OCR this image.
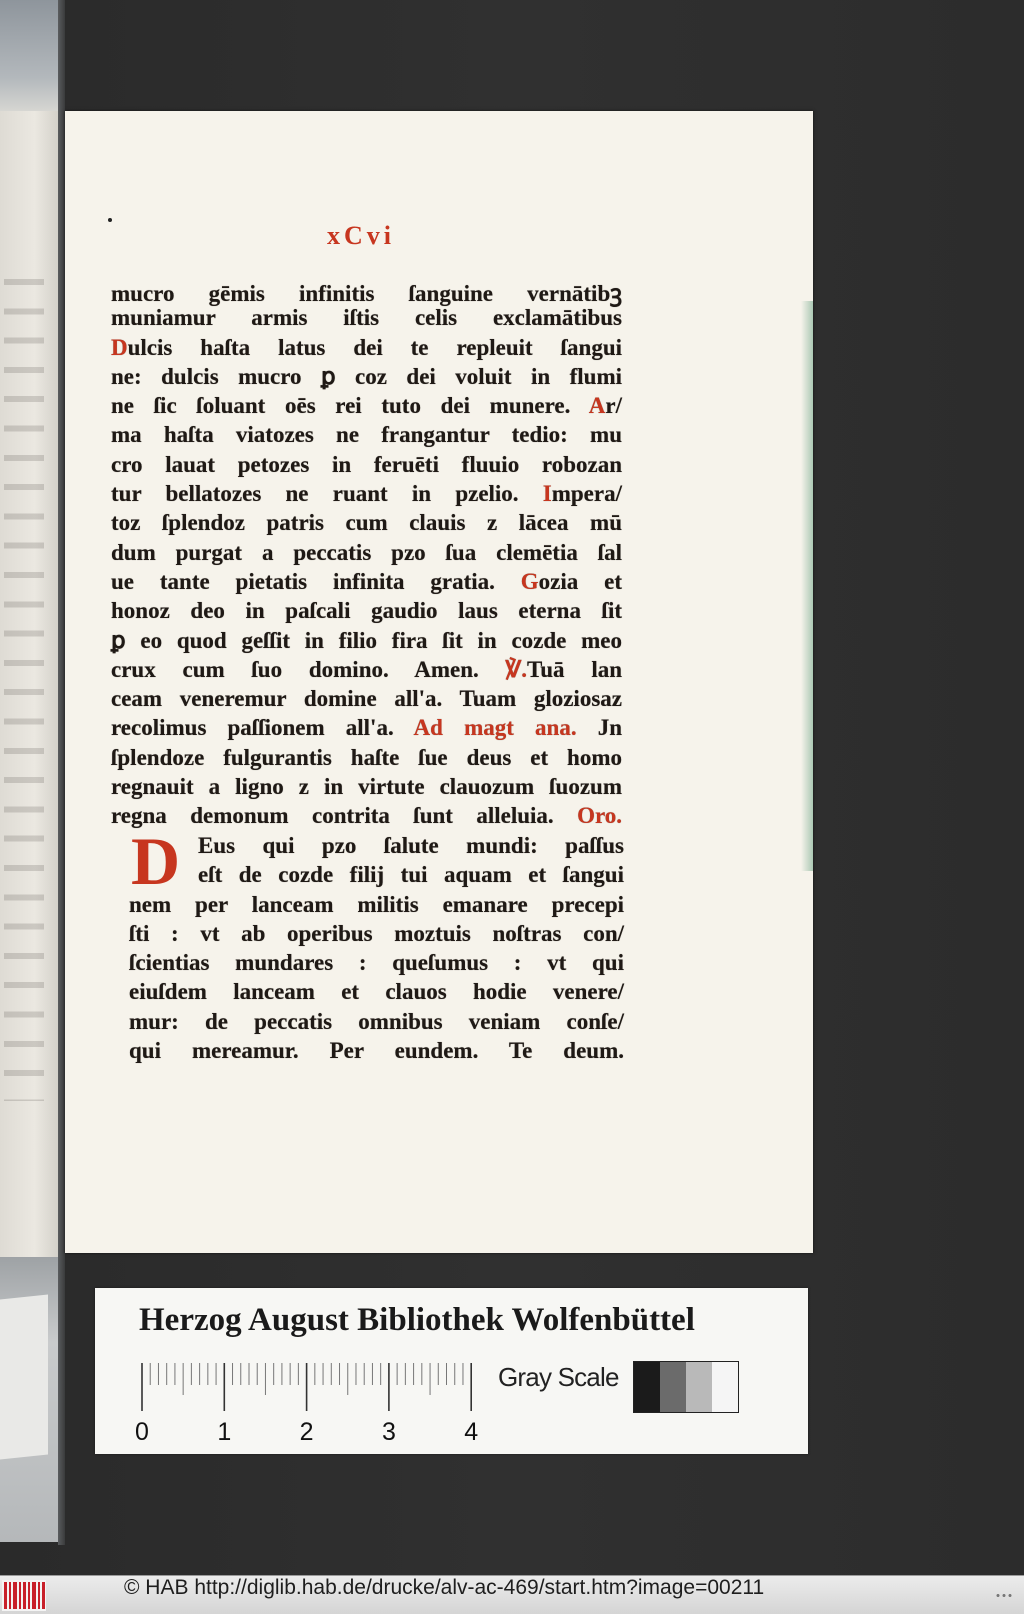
xCvi
mucro gēmis infinitis ſanguine vernātibꝫ
muniamur armis iſtis celis exclamātibus
Dulcis haſta latus dei te repleuit ſangui
ne: dulcis mucro ꝑ coz dei voluit in flumi
ne ſic ſoluant oēs rei tuto dei munere. Ar/
ma haſta viatozes ne frangantur tedio: mu
cro lauat petozes in feruēti fluuio robozan
tur bellatozes ne ruant in pzelio. Impera/
toz ſplendoz patris cum clauis z lācea mū
dum purgat a peccatis pzo ſua clemētia ſal
ue tante pietatis infinita gratia. Gozia et
honoz deo in paſcali gaudio laus eterna ſit
ꝑ eo quod geſſit in filio fira ſit in cozde meo
crux cum ſuo domino. Amen. ℣.Tuā lan
ceam veneremur domine all'a. Tuam gloziosaz
recolimus paſſionem all'a. Ad magt ana. Jn
ſplendoze fulgurantis haſte ſue deus et homo
regnauit a ligno z in virtute clauozum ſuozum
regna demonum contrita ſunt alleluia. Oro.
D Eus qui pzo ſalute mundi: paſſus
eſt de cozde filij tui aquam et ſangui
nem per lanceam militis emanare precepi
ſti : vt ab operibus moztuis noſtras con/
ſcientias mundares : queſumus : vt qui
eiuſdem lanceam et clauos hodie venere/
mur: de peccatis omnibus veniam conſe/
qui mereamur. Per eundem. Te deum.
Herzog August Bibliothek Wolfenbüttel
0	1	2	3	4
Gray Scale
© HAB http://diglib.hab.de/drucke/alv-ac-469/start.htm?image=00211
